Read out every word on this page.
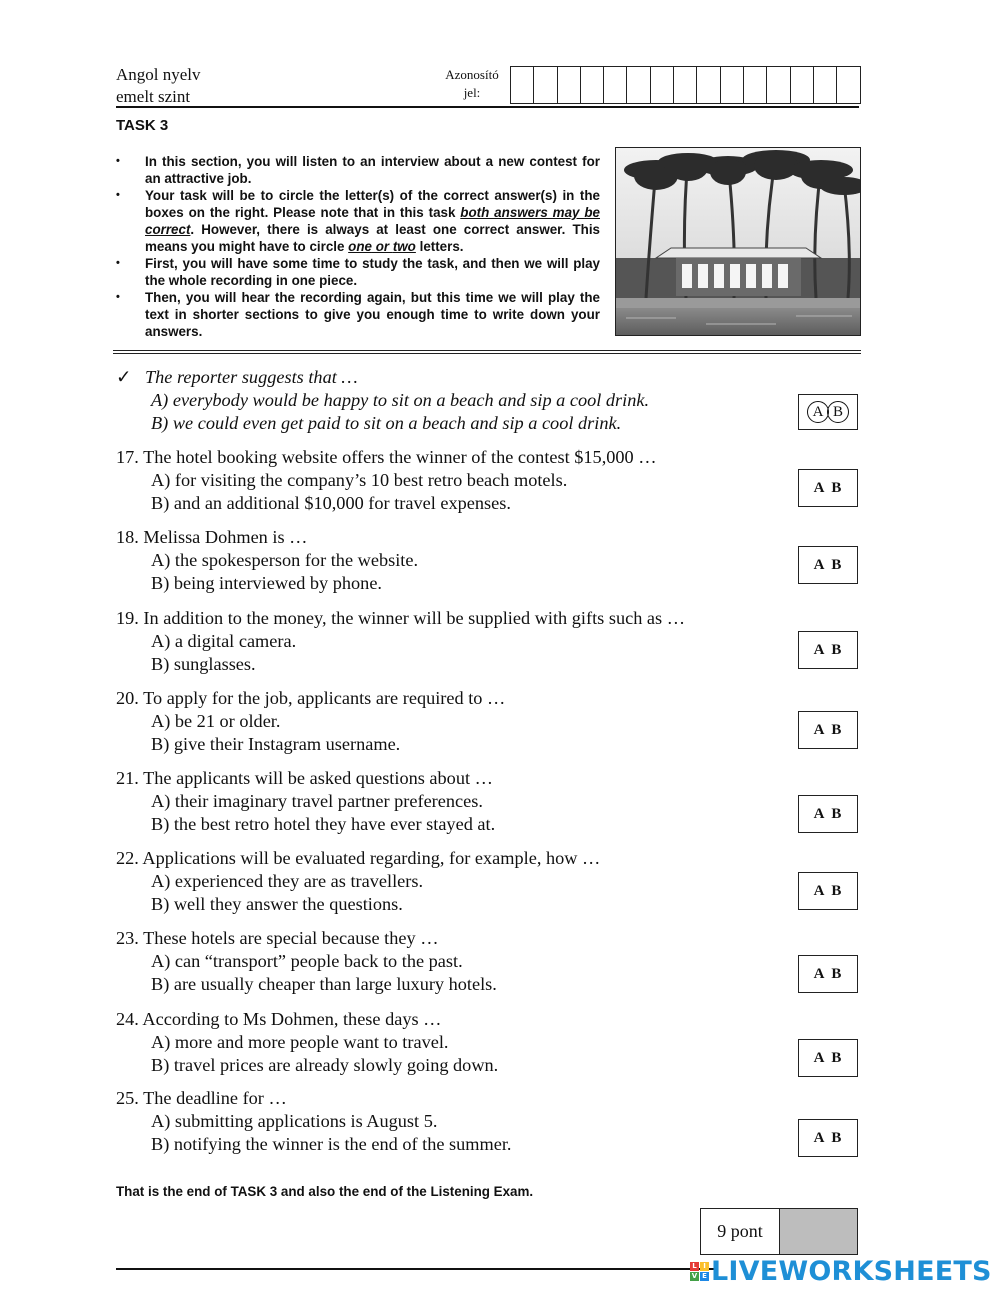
Angol nyelv
emelt szint
Azonosító
jel:
TASK 3
• In this section, you will listen to an interview about a new contest for an attractive job.
• Your task will be to circle the letter(s) of the correct answer(s) in the boxes on the right. Please note that in this task both answers may be correct. However, there is always at least one correct answer. This means you might have to circle one or two letters.
• First, you will have some time to study the task, and then we will play the whole recording in one piece.
• Then, you will hear the recording again, but this time we will play the text in shorter sections to give you enough time to write down your answers.
✓ The reporter suggests that …
A) everybody would be happy to sit on a beach and sip a cool drink.
B) we could even get paid to sit on a beach and sip a cool drink.
A B
17. The hotel booking website offers the winner of the contest $15,000 …
A) for visiting the company’s 10 best retro beach motels.
B) and an additional $10,000 for travel expenses.
A B
18. Melissa Dohmen is …
A) the spokesperson for the website.
B) being interviewed by phone.
A B
19. In addition to the money, the winner will be supplied with gifts such as …
A) a digital camera.
B) sunglasses.
A B
20. To apply for the job, applicants are required to …
A) be 21 or older.
B) give their Instagram username.
A B
21. The applicants will be asked questions about …
A) their imaginary travel partner preferences.
B) the best retro hotel they have ever stayed at.
A B
22. Applications will be evaluated regarding, for example, how …
A) experienced they are as travellers.
B) well they answer the questions.
A B
23. These hotels are special because they …
A) can “transport” people back to the past.
B) are usually cheaper than large luxury hotels.
A B
24. According to Ms Dohmen, these days …
A) more and more people want to travel.
B) travel prices are already slowly going down.	A B
25. The deadline for …
A) submitting applications is August 5.
B) notifying the winner is the end of the summer.	A B
That is the end of TASK 3 and also the end of the Listening Exam.
9 pont
L I
V E LIVEWORKSHEETS
